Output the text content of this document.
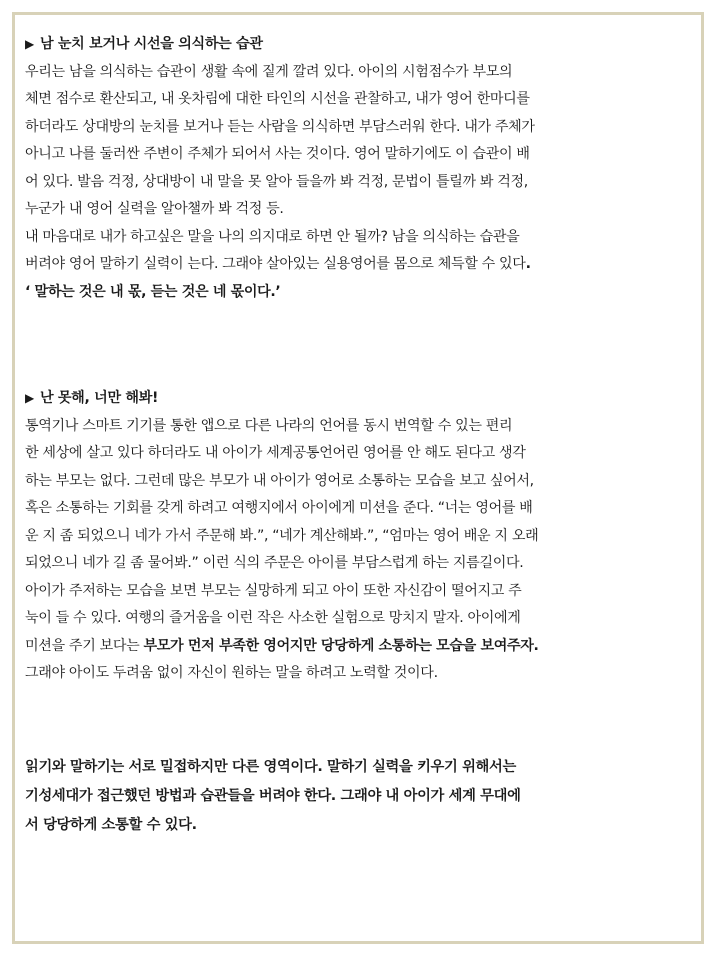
▶ 남 눈치 보거나 시선을 의식하는 습관
우리는 남을 의식하는 습관이 생활 속에 짙게 깔려 있다. 아이의 시험점수가 부모의
체면 점수로 환산되고, 내 옷차림에 대한 타인의 시선을 관찰하고, 내가 영어 한마디를
하더라도 상대방의 눈치를 보거나 듣는 사람을 의식하면 부담스러워 한다. 내가 주체가
아니고 나를 둘러싼 주변이 주체가 되어서 사는 것이다. 영어 말하기에도 이 습관이 배
어 있다. 발음 걱정, 상대방이 내 말을 못 알아 들을까 봐 걱정, 문법이 틀릴까 봐 걱정,
누군가 내 영어 실력을 알아챌까 봐 걱정 등.
내 마음대로 내가 하고싶은 말을 나의 의지대로 하면 안 될까? 남을 의식하는 습관을
버려야 영어 말하기 실력이 는다. 그래야 살아있는 실용영어를 몸으로 체득할 수 있다.
‘ 말하는 것은 내 몫, 듣는 것은 네 몫이다.’
▶ 난 못해, 너만 해봐!
통역기나 스마트 기기를 통한 앱으로 다른 나라의 언어를 동시 번역할 수 있는 편리
한 세상에 살고 있다 하더라도 내 아이가 세계공통언어린 영어를 안 해도 된다고 생각
하는 부모는 없다. 그런데 많은 부모가 내 아이가 영어로 소통하는 모습을 보고 싶어서,
혹은 소통하는 기회를 갖게 하려고 여행지에서 아이에게 미션을 준다. “너는 영어를 배
운 지 좀 되었으니 네가 가서 주문해 봐.”, “네가 계산해봐.”, “엄마는 영어 배운 지 오래
되었으니 네가 길 좀 물어봐.” 이런 식의 주문은 아이를 부담스럽게 하는 지름길이다.
아이가 주저하는 모습을 보면 부모는 실망하게 되고 아이 또한 자신감이 떨어지고 주
눅이 들 수 있다. 여행의 즐거움을 이런 작은 사소한 실험으로 망치지 말자. 아이에게
미션을 주기 보다는 부모가 먼저 부족한 영어지만 당당하게 소통하는 모습을 보여주자.
그래야 아이도 두려움 없이 자신이 원하는 말을 하려고 노력할 것이다.
읽기와 말하기는 서로 밀접하지만 다른 영역이다. 말하기 실력을 키우기 위해서는
기성세대가 접근했던 방법과 습관들을 버려야 한다. 그래야 내 아이가 세계 무대에
서 당당하게 소통할 수 있다.
